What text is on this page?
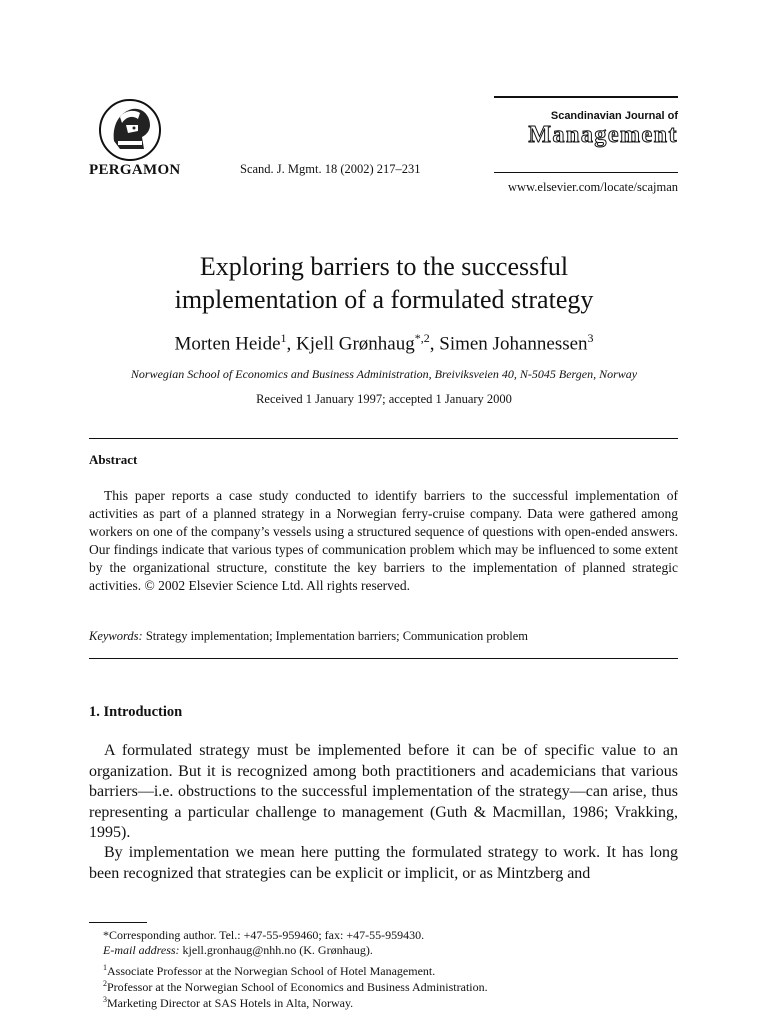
PERGAMON	Scand. J. Mgmt. 18 (2002) 217–231
Scandinavian Journal of
Management
www.elsevier.com/locate/scajman
Exploring barriers to the successful
implementation of a formulated strategy
Morten Heide$^1$, Kjell Grønhaug$^{*,2}$, Simen Johannessen$^3$
Norwegian School of Economics and Business Administration, Breiviksveien 40, N-5045 Bergen, Norway
Received 1 January 1997; accepted 1 January 2000
Abstract
This paper reports a case study conducted to identify barriers to the successful implementation of activities as part of a planned strategy in a Norwegian ferry-cruise company. Data were gathered among workers on one of the company’s vessels using a structured sequence of questions with open-ended answers. Our findings indicate that various types of communication problem which may be influenced to some extent by the organizational structure, constitute the key barriers to the implementation of planned strategic activities. © 2002 Elsevier Science Ltd. All rights reserved.
Keywords: Strategy implementation; Implementation barriers; Communication problem
1. Introduction
A formulated strategy must be implemented before it can be of specific value to an organization. But it is recognized among both practitioners and academicians that various barriers—i.e. obstructions to the successful implementation of the strategy—can arise, thus representing a particular challenge to management (Guth & Macmillan, 1986; Vrakking, 1995).
By implementation we mean here putting the formulated strategy to work. It has long been recognized that strategies can be explicit or implicit, or as Mintzberg and
*Corresponding author. Tel.: +47-55-959460; fax: +47-55-959430.
E-mail address: kjell.gronhaug@nhh.no (K. Grønhaug).
$^1$Associate Professor at the Norwegian School of Hotel Management.
$^2$Professor at the Norwegian School of Economics and Business Administration.
$^3$Marketing Director at SAS Hotels in Alta, Norway.
